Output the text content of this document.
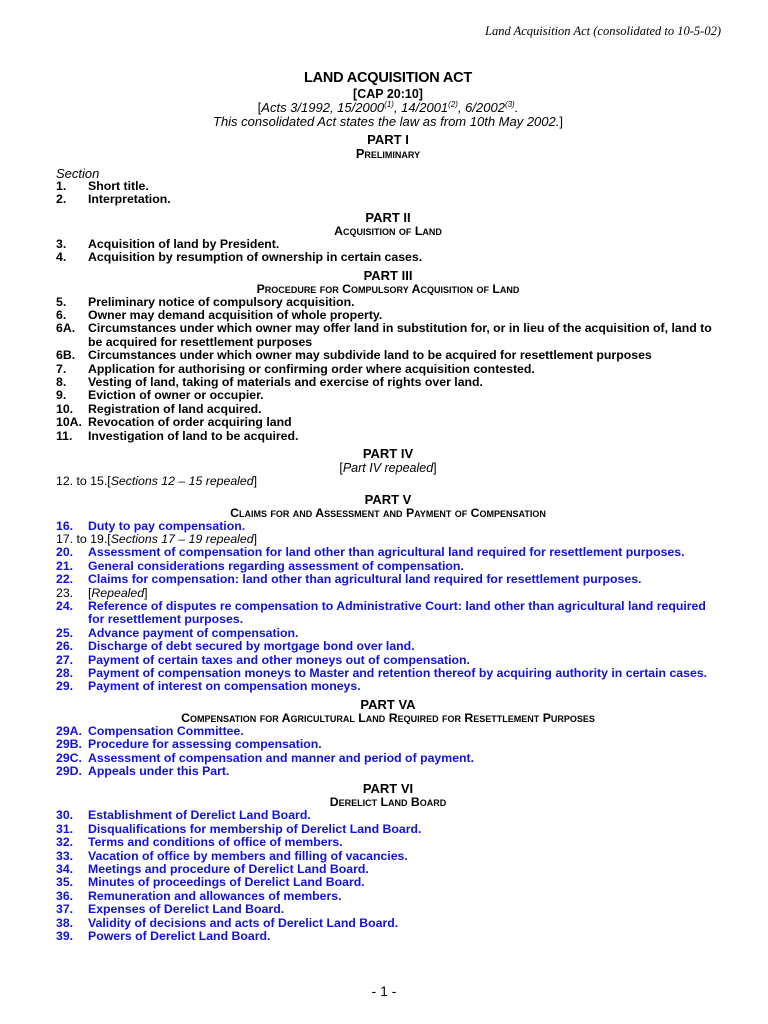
Land Acquisition Act (consolidated to 10-5-02)
LAND ACQUISITION ACT
[CAP 20:10]
[Acts 3/1992, 15/2000$^{(1)}$, 14/2001$^{(2)}$, 6/2002$^{(3)}$.
This consolidated Act states the law as from 10th May 2002.]
PART I
Preliminary
Section
1.	Short title.
2.	Interpretation.
PART II
Acquisition of Land
3.	Acquisition of land by President.
4.	Acquisition by resumption of ownership in certain cases.
PART III
Procedure for Compulsory Acquisition of Land
5.	Preliminary notice of compulsory acquisition.
6.	Owner may demand acquisition of whole property.
6A.	Circumstances under which owner may offer land in substitution for, or in lieu of the acquisition of, land to be acquired for resettlement purposes
6B.	Circumstances under which owner may subdivide land to be acquired for resettlement purposes
7.	Application for authorising or confirming order where acquisition contested.
8.	Vesting of land, taking of materials and exercise of rights over land.
9.	Eviction of owner or occupier.
10.	Registration of land acquired.
10A. Revocation of order acquiring land
11.	Investigation of land to be acquired.
PART IV
[Part IV repealed]
12. to 15. [Sections 12 – 15 repealed]
PART V
Claims for and Assessment and Payment of Compensation
16.	Duty to pay compensation.
17. to 19. [Sections 17 – 19 repealed]
20.	Assessment of compensation for land other than agricultural land required for resettlement purposes.
21.	General considerations regarding assessment of compensation.
22.	Claims for compensation: land other than agricultural land required for resettlement purposes.
23.	[Repealed]
24.	Reference of disputes re compensation to Administrative Court: land other than agricultural land required for resettlement purposes.
25.	Advance payment of compensation.
26.	Discharge of debt secured by mortgage bond over land.
27.	Payment of certain taxes and other moneys out of compensation.
28.	Payment of compensation moneys to Master and retention thereof by acquiring authority in certain cases.
29.	Payment of interest on compensation moneys.
PART VA
Compensation for Agricultural Land Required for Resettlement Purposes
29A. Compensation Committee.
29B. Procedure for assessing compensation.
29C. Assessment of compensation and manner and period of payment.
29D. Appeals under this Part.
PART VI
Derelict Land Board
30.	Establishment of Derelict Land Board.
31.	Disqualifications for membership of Derelict Land Board.
32.	Terms and conditions of office of members.
33.	Vacation of office by members and filling of vacancies.
34.	Meetings and procedure of Derelict Land Board.
35.	Minutes of proceedings of Derelict Land Board.
36.	Remuneration and allowances of members.
37.	Expenses of Derelict Land Board.
38.	Validity of decisions and acts of Derelict Land Board.
39.	Powers of Derelict Land Board.
- 1 -
